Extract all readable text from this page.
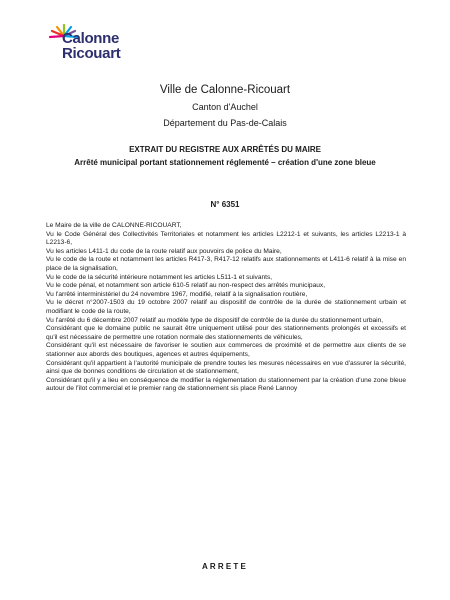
Calonne
Ricouart
Ville de Calonne-Ricouart
Canton d'Auchel
Département du Pas-de-Calais
EXTRAIT DU REGISTRE AUX ARRÊTÉS DU MAIRE
Arrêté municipal portant stationnement réglementé – création d'une zone bleue
N° 6351

Le Maire de la ville de CALONNE-RICOUART,

Vu le Code Général des Collectivités Territoriales et notamment les articles L2212-1 et suivants, les articles L2213-1 à L2213-6,

Vu les articles L411-1 du code de la route relatif aux pouvoirs de police du Maire,

Vu le code de la route et notamment les articles R417-3, R417-12 relatifs aux stationnements et L411-6 relatif à la mise en place de la signalisation,

Vu le code de la sécurité intérieure notamment les articles L511-1 et suivants,

Vu le code pénal, et notamment son article 610-5 relatif au non-respect des arrêtés municipaux,

Vu l'arrêté interministériel du 24 novembre 1967, modifié, relatif à la signalisation routière,

Vu le décret n°2007-1503 du 19 octobre 2007 relatif au dispositif de contrôle de la durée de stationnement urbain et modifiant le code de la route,

Vu l'arrêté du 6 décembre 2007 relatif au modèle type de dispositif de contrôle de la durée du stationnement urbain,

Considérant que le domaine public ne saurait être uniquement utilisé pour des stationnements prolongés et excessifs et qu'il est nécessaire de permettre une rotation normale des stationnements de véhicules,

Considérant qu'il est nécessaire de favoriser le soutien aux commerces de proximité et de permettre aux clients de se stationner aux abords des boutiques, agences et autres équipements,

Considérant qu'il appartient à l'autorité municipale de prendre toutes les mesures nécessaires en vue d'assurer la sécurité, ainsi que de bonnes conditions de circulation et de stationnement,

Considérant qu'il y a lieu en conséquence de modifier la réglementation du stationnement par la création d'une zone bleue autour de l'îlot commercial et le premier rang de stationnement sis place René Lannoy

ARRETE
